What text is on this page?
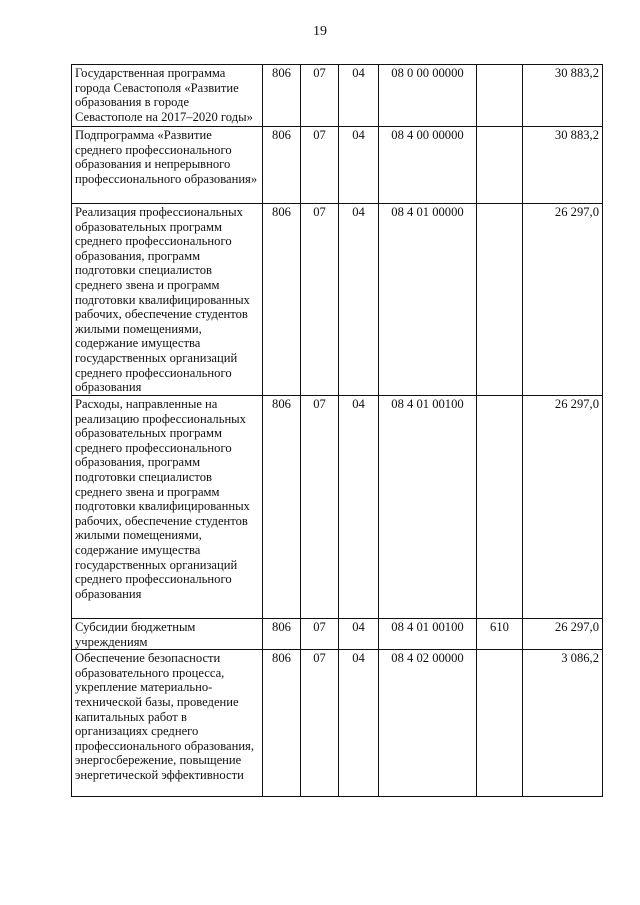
19
Государственная программа города Севастополя «Развитие образования в городе Севастополе на 2017–2020 годы»	806	07	04	08 0 00 00000		30 883,2
Подпрограмма «Развитие среднего профессионального образования и непрерывного профессионального образования»	806	07	04	08 4 00 00000		30 883,2
Реализация профессиональных образовательных программ среднего профессионального образования, программ подготовки специалистов среднего звена и программ подготовки квалифицированных рабочих, обеспечение студентов жилыми помещениями, содержание имущества государственных организаций среднего профессионального образования	806	07	04	08 4 01 00000		26 297,0
Расходы, направленные на реализацию профессиональных образовательных программ среднего профессионального образования, программ подготовки специалистов среднего звена и программ подготовки квалифицированных рабочих, обеспечение студентов жилыми помещениями, содержание имущества государственных организаций среднего профессионального образования	806	07	04	08 4 01 00100		26 297,0
Субсидии бюджетным учреждениям	806	07	04	08 4 01 00100	610	26 297,0
Обеспечение безопасности образовательного процесса, укрепление материально-технической базы, проведение капитальных работ в организациях среднего профессионального образования, энергосбережение, повыщение энергетической эффективности	806	07	04	08 4 02 00000		3 086,2
